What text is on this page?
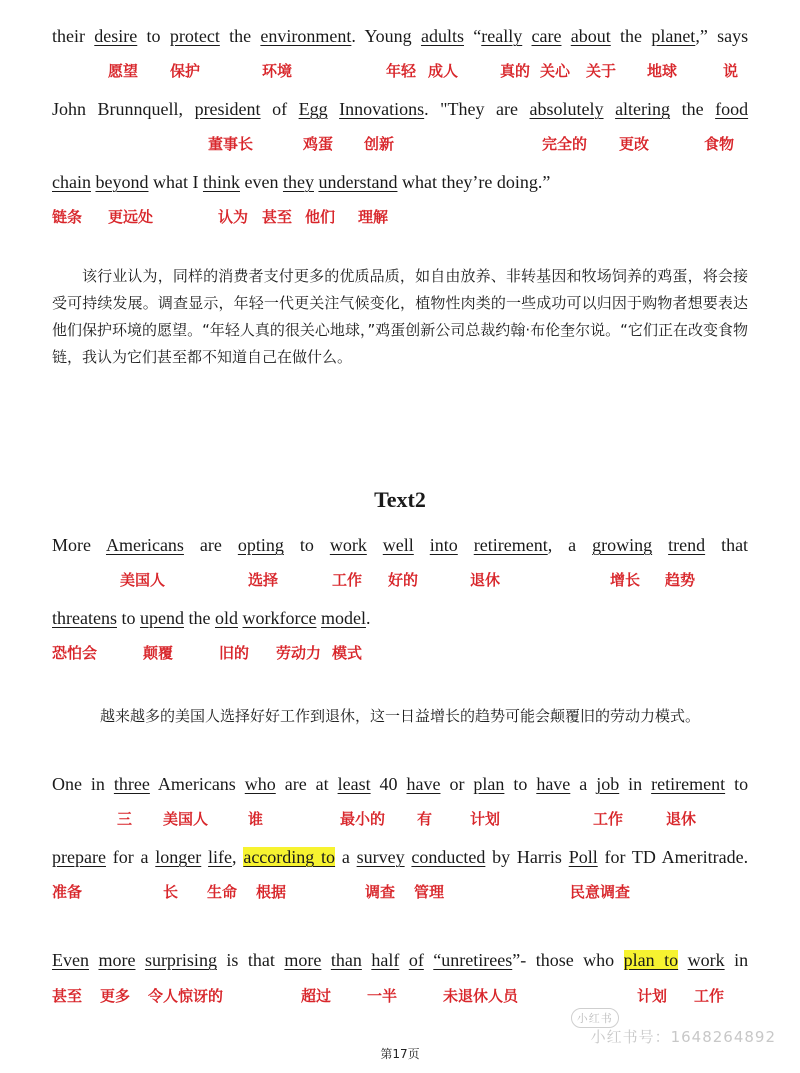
their desire to protect the environment. Young adults “really care about the planet,” says
John Brunnquell, president of Egg Innovations. "They are absolutely altering the food
chain beyond what I think even they understand what they’re doing.”
More Americans are opting to work well into retirement, a growing trend that
threatens to upend the old workforce model.
One in three Americans who are at least 40 have or plan to have a job in retirement to
prepare for a longer life, according to a survey conducted by Harris Poll for TD Ameritrade.
Even more surprising is that more than half of “unretirees”- those who plan to work in
愿望 保护	环境	年轻 成人	真的 关心 关于 地球	说
董事长	鸡蛋 创新	完全的 更改	食物
链条 更远处	认为 甚至 他们 理解
美国人	选择	工作 好的	退休	增长 趋势
恐怕会	颠覆	旧的 劳动力 模式
三 美国人	谁	最小的 有	计划	工作	退休
准备	长 生命 根据	调查 管理	民意调查
甚至 更多 令人惊讶的	超过 一半	未退休人员	计划 工作
该行业认为，同样的消费者支付更多的优质品质，如自由放养、非转基因和牧场饲养的鸡蛋，将会接受可持续发展。调查显示，年轻一代更关注气候变化，植物性肉类的一些成功可以归因于购物者想要表达他们保护环境的愿望。“年轻人真的很关心地球，”鸡蛋创新公司总裁约翰·布伦奎尔说。“它们正在改变食物链，我认为它们甚至都不知道自己在做什么。
Text2
越来越多的美国人选择好好工作到退休，这一日益增长的趋势可能会颠覆旧的劳动力模式。
第17页
小红书 小红书号：1648264892
